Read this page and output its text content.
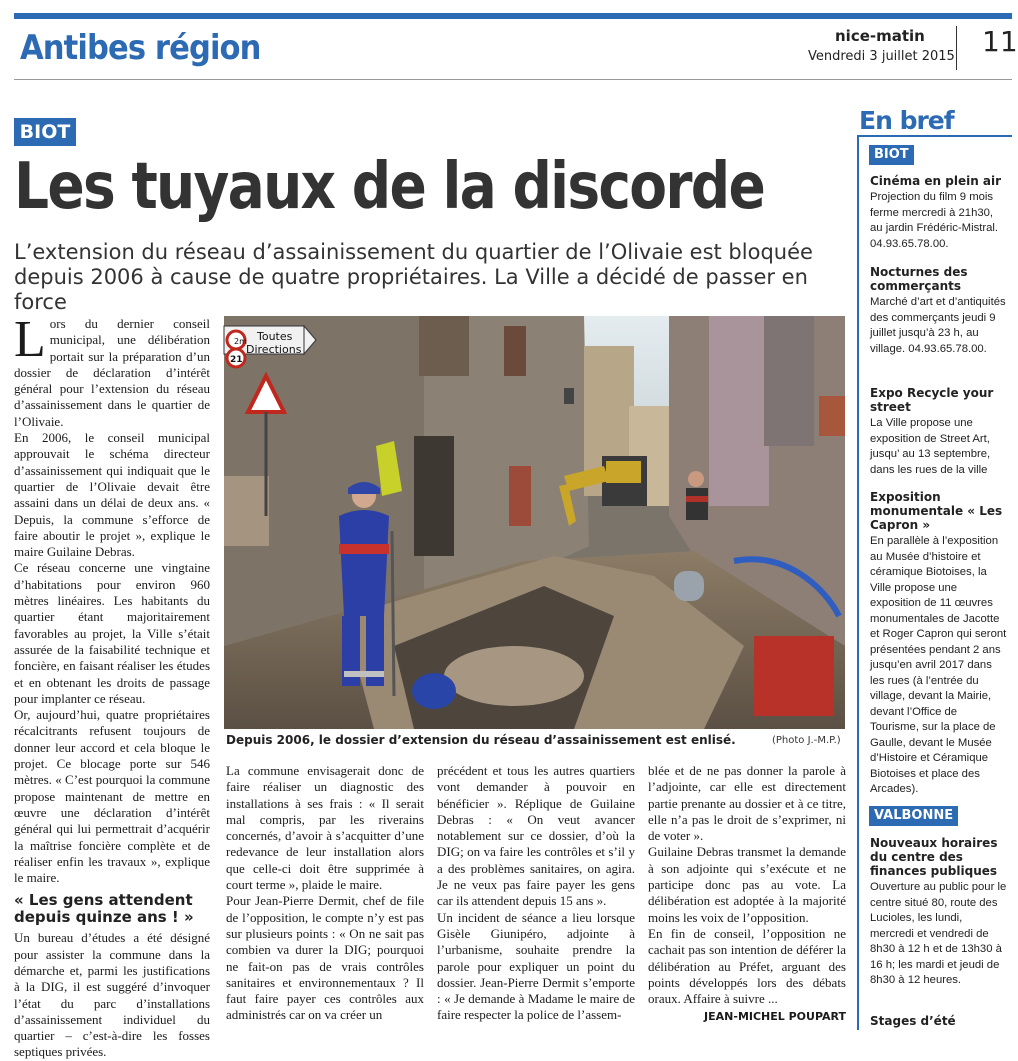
Antibes région	nice-matin
Vendredi 3 juillet 2015 11
BIOT
Les tuyaux de la discorde
L’extension du réseau d’assainissement du quartier de l’Olivaie est bloquée depuis 2006 à cause de quatre propriétaires. La Ville a décidé de passer en force

Lors du dernier conseil municipal, une délibération portait sur la préparation d’un dossier de déclaration d’intérêt général pour l’extension du réseau d’assainissement dans le quartier de l’Olivaie.

En 2006, le conseil municipal approuvait le schéma directeur d’assainissement qui indiquait que le quartier de l’Olivaie devait être assaini dans un délai de deux ans. « Depuis, la commune s’efforce de faire aboutir le projet », explique le maire Guilaine Debras.

Ce réseau concerne une vingtaine d’habitations pour environ 960 mètres linéaires. Les habitants du quartier étant majoritairement favorables au projet, la Ville s’était assurée de la faisabilité technique et foncière, en faisant réaliser les études et en obtenant les droits de passage pour implanter ce réseau.

Or, aujourd’hui, quatre propriétaires récalcitrants refusent toujours de donner leur accord et cela bloque le projet. Ce blocage porte sur 546 mètres. « C’est pourquoi la commune propose maintenant de mettre en œuvre une déclaration d’intérêt général qui lui permettrait d’acquérir la maîtrise foncière complète et de réaliser enfin les travaux », explique le maire.

« Les gens attendent depuis quinze ans ! »

Un bureau d’études a été désigné pour assister la commune dans la démarche et, parmi les justifications à la DIG, il est suggéré d’invoquer l’état du parc d’installations d’assainissement individuel du quartier – c’est-à-dire les fosses septiques privées.

2m
21
Toutes
Directions
Depuis 2006, le dossier d’extension du réseau d’assainissement est enlisé.	(Photo J.-M.P.)

La commune envisagerait donc de faire réaliser un diagnostic des installations à ses frais : « Il serait mal compris, par les riverains concernés, d’avoir à s’acquitter d’une redevance de leur installation alors que celle-ci doit être supprimée à court terme », plaide le maire.

Pour Jean-Pierre Dermit, chef de file de l’opposition, le compte n’y est pas sur plusieurs points : « On ne sait pas combien va durer la DIG; pourquoi ne fait-on pas de vrais contrôles sanitaires et environnementaux ? Il faut faire payer ces contrôles aux administrés car on va créer un

précédent et tous les autres quartiers vont demander à pouvoir en bénéficier ». Réplique de Guilaine Debras : « On veut avancer notablement sur ce dossier, d’où la DIG; on va faire les contrôles et s’il y a des problèmes sanitaires, on agira. Je ne veux pas faire payer les gens car ils attendent depuis 15 ans ».

Un incident de séance a lieu lorsque Gisèle Giunipéro, adjointe à l’urbanisme, souhaite prendre la parole pour expliquer un point du dossier. Jean-Pierre Dermit s’emporte : « Je demande à Madame le maire de faire respecter la police de l’assem-

blée et de ne pas donner la parole à l’adjointe, car elle est directement partie prenante au dossier et à ce titre, elle n’a pas le droit de s’exprimer, ni de voter ».

Guilaine Debras transmet la demande à son adjointe qui s’exécute et ne participe donc pas au vote. La délibération est adoptée à la majorité moins les voix de l’opposition.

En fin de conseil, l’opposition ne cachait pas son intention de déférer la délibération au Préfet, arguant des points développés lors des débats oraux. Affaire à suivre ...

JEAN-MICHEL POUPART
En bref
BIOT
Cinéma en plein air

Projection du film 9 mois ferme mercredi à 21h30, au jardin Frédéric-Mistral. 04.93.65.78.00.

Nocturnes des commerçants

Marché d’art et d’antiquités des commerçants jeudi 9 juillet jusqu’à 23 h, au village. 04.93.65.78.00.

Expo Recycle your street

La Ville propose une exposition de Street Art, jusqu’ au 13 septembre, dans les rues de la ville

Exposition monumentale « Les Capron »

En parallèle à l’exposition au Musée d’histoire et céramique Biotoises, la Ville propose une exposition de 11 œuvres monumentales de Jacotte et Roger Capron qui seront présentées pendant 2 ans jusqu’en avril 2017 dans les rues (à l’entrée du village, devant la Mairie, devant l’Office de Tourisme, sur la place de Gaulle, devant le Musée d’Histoire et Céramique Biotoises et place des Arcades).

VALBONNE
Nouveaux horaires du centre des finances publiques

Ouverture au public pour le centre situé 80, route des Lucioles, les lundi, mercredi et vendredi de 8h30 à 12 h et de 13h30 à 16 h; les mardi et jeudi de 8h30 à 12 heures.

Stages d’été
